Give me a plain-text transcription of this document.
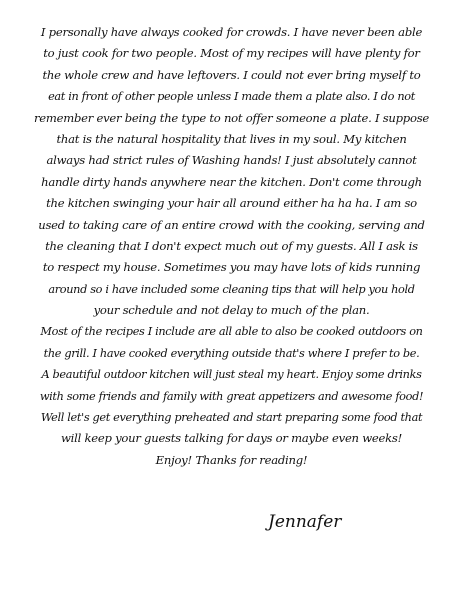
I personally have always cooked for crowds. I have never been able
to just cook for two people. Most of my recipes will have plenty for
the whole crew and have leftovers. I could not ever bring myself to
eat in front of other people unless I made them a plate also. I do not
remember ever being the type to not offer someone a plate. I suppose
that is the natural hospitality that lives in my soul. My kitchen
always had strict rules of Washing hands! I just absolutely cannot
handle dirty hands anywhere near the kitchen. Don't come through
the kitchen swinging your hair all around either ha ha ha. I am so
used to taking care of an entire crowd with the cooking, serving and
the cleaning that I don't expect much out of my guests. All I ask is
to respect my house. Sometimes you may have lots of kids running
around so i have included some cleaning tips that will help you hold
your schedule and not delay to much of the plan.
Most of the recipes I include are all able to also be cooked outdoors on
the grill. I have cooked everything outside that's where I prefer to be.
A beautiful outdoor kitchen will just steal my heart. Enjoy some drinks
with some friends and family with great appetizers and awesome food!
Well let's get everything preheated and start preparing some food that
will keep your guests talking for days or maybe even weeks!
Enjoy! Thanks for reading!
Jennafer
